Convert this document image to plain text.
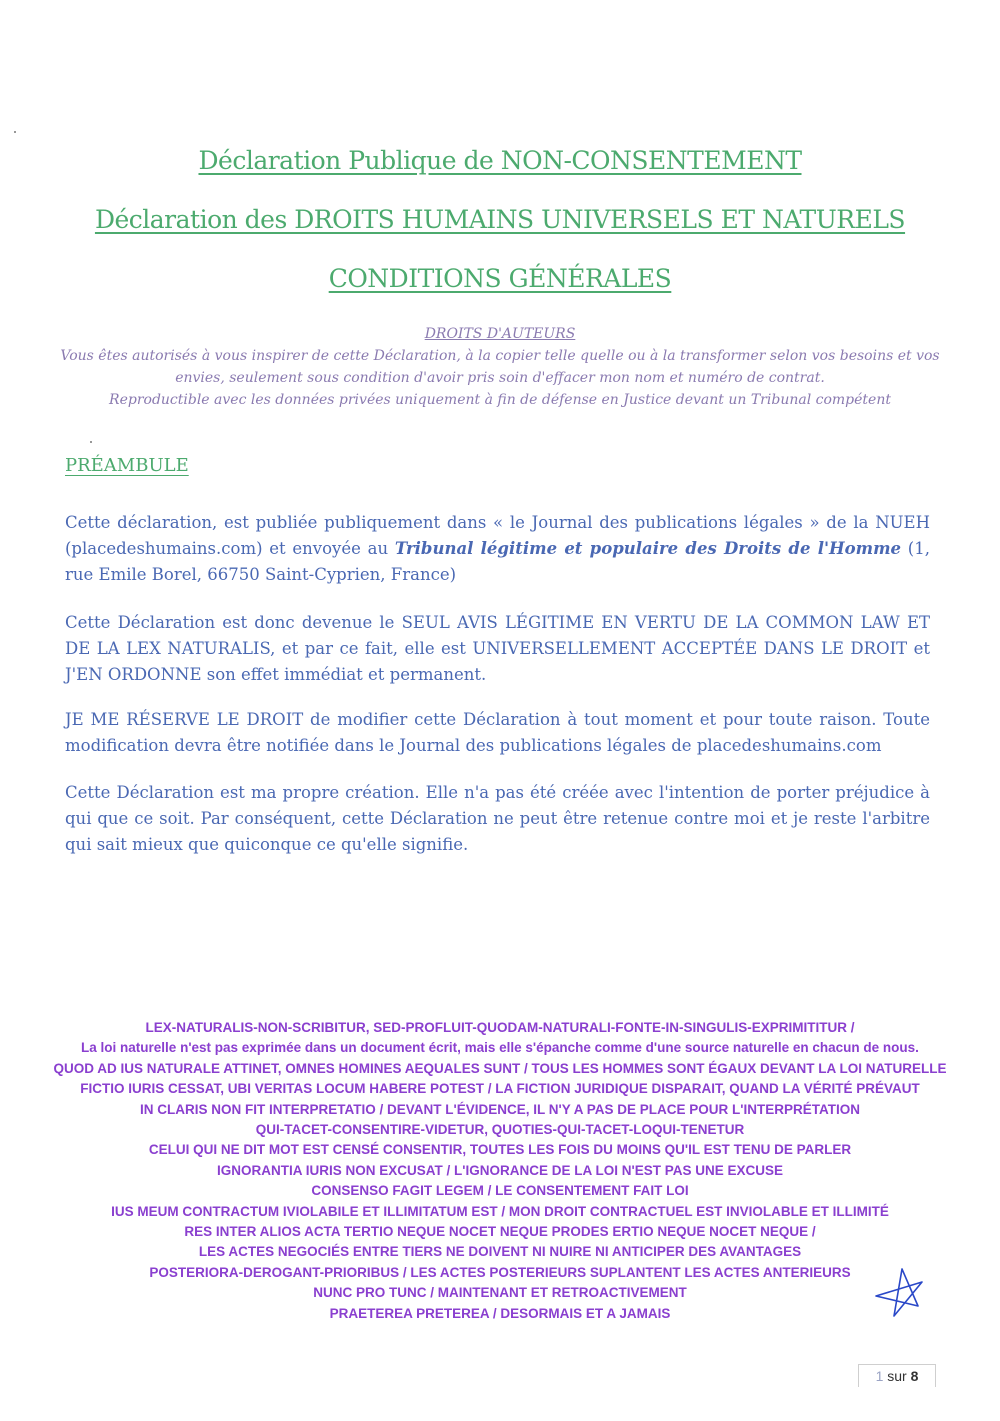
Déclaration Publique de NON-CONSENTEMENT
Déclaration des DROITS HUMAINS UNIVERSELS ET NATURELS
CONDITIONS GÉNÉRALES
DROITS D'AUTEURS

Vous êtes autorisés à vous inspirer de cette Déclaration, à la copier telle quelle ou à la transformer selon vos besoins et vos

envies, seulement sous condition d'avoir pris soin d'effacer mon nom et numéro de contrat.

Reproductible avec les données privées uniquement à fin de défense en Justice devant un Tribunal compétent

PRÉAMBULE

Cette déclaration, est publiée publiquement dans « le Journal des publications légales » de la NUEH (placedeshumains.com) et envoyée au Tribunal légitime et populaire des Droits de l'Homme (1, rue Emile Borel, 66750 Saint-Cyprien, France)

Cette Déclaration est donc devenue le SEUL AVIS LÉGITIME EN VERTU DE LA COMMON LAW ET DE LA LEX NATURALIS, et par ce fait, elle est UNIVERSELLEMENT ACCEPTÉE DANS LE DROIT et J'EN ORDONNE son effet immédiat et permanent.

JE ME RÉSERVE LE DROIT de modifier cette Déclaration à tout moment et pour toute raison. Toute modification devra être notifiée dans le Journal des publications légales de placedeshumains.com

Cette Déclaration est ma propre création. Elle n'a pas été créée avec l'intention de porter préjudice à qui que ce soit. Par conséquent, cette Déclaration ne peut être retenue contre moi et je reste l'arbitre qui sait mieux que quiconque ce qu'elle signifie.

LEX-NATURALIS-NON-SCRIBITUR, SED-PROFLUIT-QUODAM-NATURALI-FONTE-IN-SINGULIS-EXPRIMITITUR /
La loi naturelle n'est pas exprimée dans un document écrit, mais elle s'épanche comme d'une source naturelle en chacun de nous.
QUOD AD IUS NATURALE ATTINET, OMNES HOMINES AEQUALES SUNT / TOUS LES HOMMES SONT ÉGAUX DEVANT LA LOI NATURELLE
FICTIO IURIS CESSAT, UBI VERITAS LOCUM HABERE POTEST / LA FICTION JURIDIQUE DISPARAIT, QUAND LA VÉRITÉ PRÉVAUT
IN CLARIS NON FIT INTERPRETATIO / DEVANT L'ÉVIDENCE, IL N'Y A PAS DE PLACE POUR L'INTERPRÉTATION
QUI-TACET-CONSENTIRE-VIDETUR, QUOTIES-QUI-TACET-LOQUI-TENETUR
CELUI QUI NE DIT MOT EST CENSÉ CONSENTIR, TOUTES LES FOIS DU MOINS QU'IL EST TENU DE PARLER
IGNORANTIA IURIS NON EXCUSAT / L'IGNORANCE DE LA LOI N'EST PAS UNE EXCUSE
CONSENSO FAGIT LEGEM / LE CONSENTEMENT FAIT LOI
IUS MEUM CONTRACTUM IVIOLABILE ET ILLIMITATUM EST / MON DROIT CONTRACTUEL EST INVIOLABLE ET ILLIMITÉ
RES INTER ALIOS ACTA TERTIO NEQUE NOCET NEQUE PRODES ERTIO NEQUE NOCET NEQUE /
LES ACTES NEGOCIÉS ENTRE TIERS NE DOIVENT NI NUIRE NI ANTICIPER DES AVANTAGES
POSTERIORA-DEROGANT-PRIORIBUS / LES ACTES POSTERIEURS SUPLANTENT LES ACTES ANTERIEURS
NUNC PRO TUNC / MAINTENANT ET RETROACTIVEMENT
PRAETEREA PRETEREA / DESORMAIS ET A JAMAIS
1 sur 8
